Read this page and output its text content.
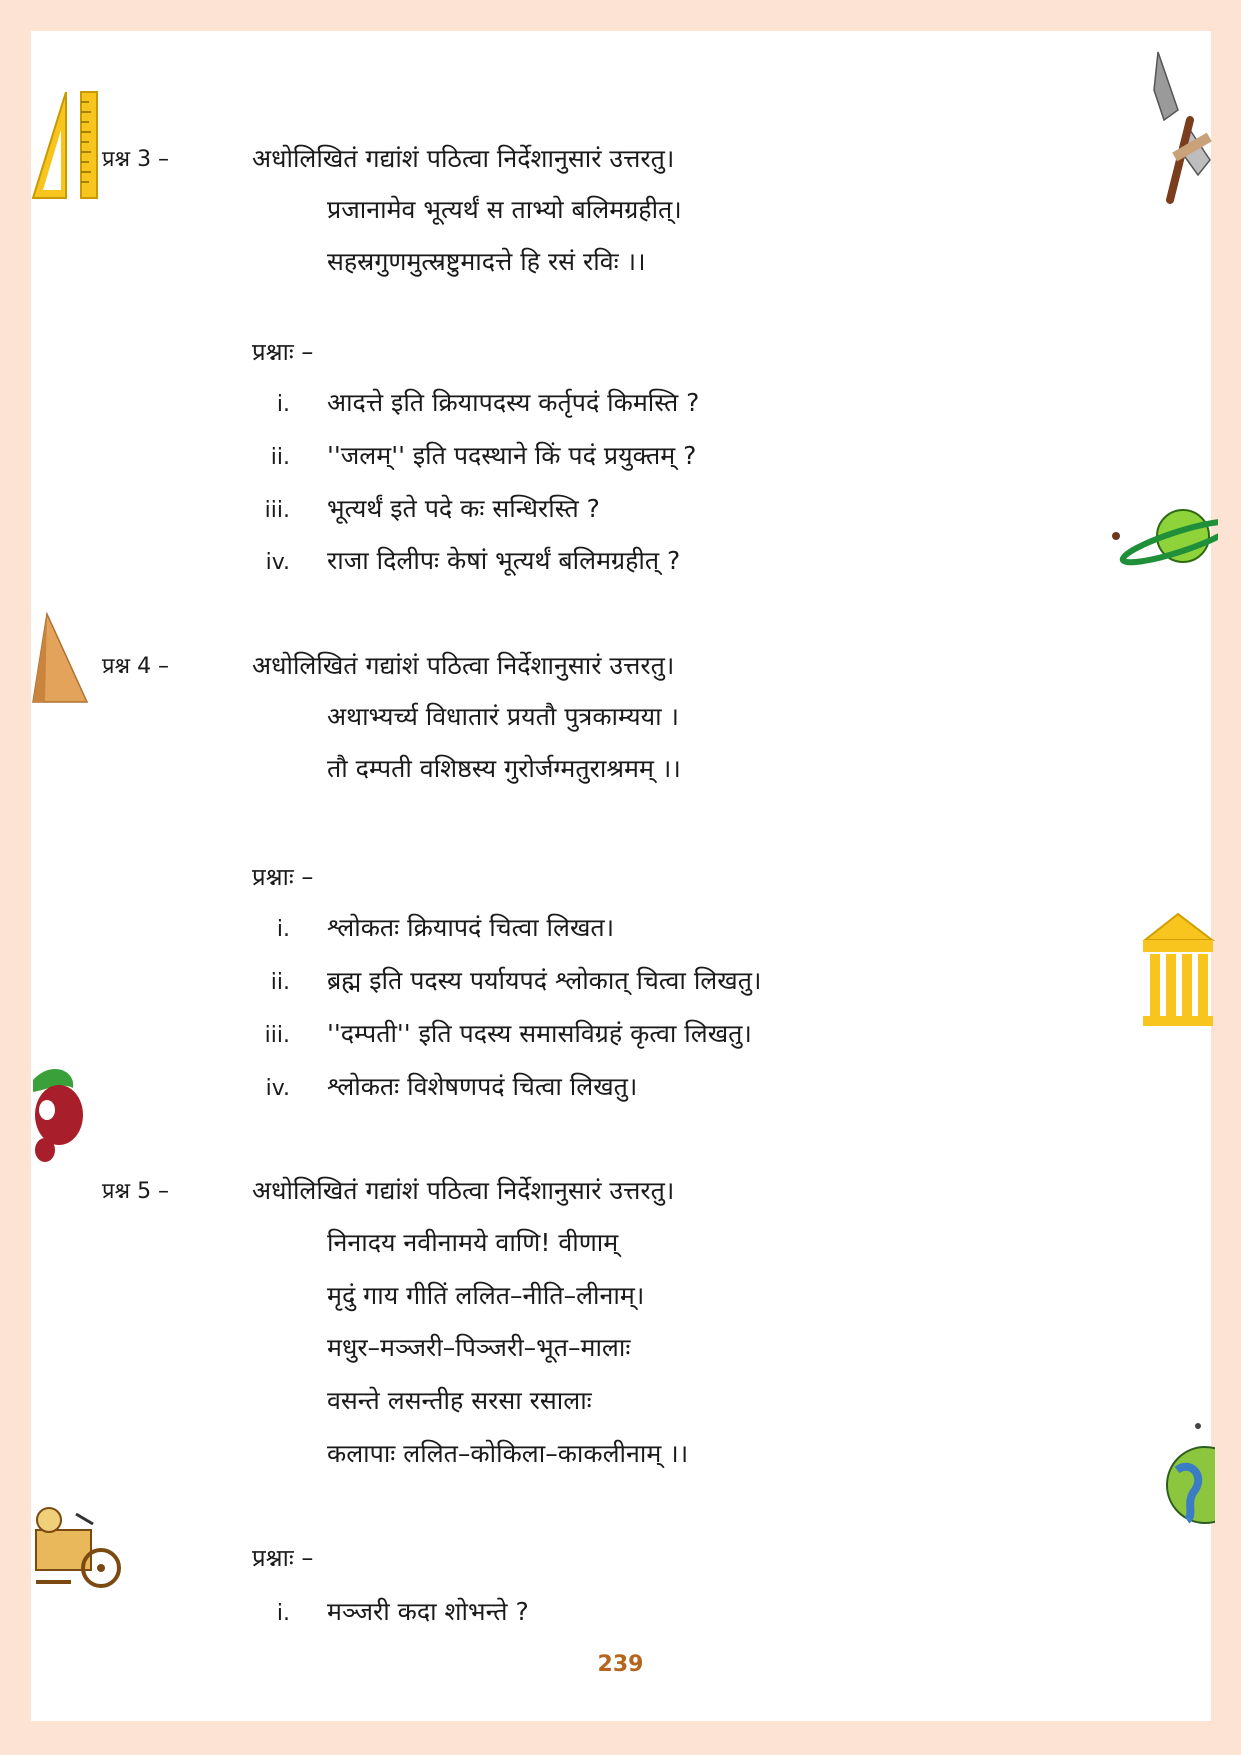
प्रश्न 3 –	अधोलिखितं गद्यांशं पठित्वा निर्देशानुसारं उत्तरतु।
प्रजानामेव भूत्यर्थं स ताभ्यो बलिमग्रहीत्।
सहस्रगुणमुत्स्रष्टुमादत्ते हि रसं रविः ।।
प्रश्नाः –
i. आदत्ते इति क्रियापदस्य कर्तृपदं किमस्ति ?
ii. ''जलम्'' इति पदस्थाने किं पदं प्रयुक्तम् ?
iii. भूत्यर्थं इते पदे कः सन्धिरस्ति ?
iv. राजा दिलीपः केषां भूत्यर्थं बलिमग्रहीत् ?
प्रश्न 4 –	अधोलिखितं गद्यांशं पठित्वा निर्देशानुसारं उत्तरतु।
अथाभ्यर्च्य विधातारं प्रयतौ पुत्रकाम्यया ।
तौ दम्पती वशिष्ठस्य गुरोर्जग्मतुराश्रमम् ।।
प्रश्नाः –
i. श्लोकतः क्रियापदं चित्वा लिखत।
ii. ब्रह्म इति पदस्य पर्यायपदं श्लोकात् चित्वा लिखतु।
iii. ''दम्पती'' इति पदस्य समासविग्रहं कृत्वा लिखतु।
iv. श्लोकतः विशेषणपदं चित्वा लिखतु।
प्रश्न 5 –	अधोलिखितं गद्यांशं पठित्वा निर्देशानुसारं उत्तरतु।
निनादय नवीनामये वाणि! वीणाम्
मृदुं गाय गीतिं ललित–नीति–लीनाम्।
मधुर–मञ्जरी–पिञ्जरी–भूत–मालाः
वसन्ते लसन्तीह सरसा रसालाः
कलापाः ललित–कोकिला–काकलीनाम् ।।
प्रश्नाः –
i. मञ्जरी कदा शोभन्ते ?
239
